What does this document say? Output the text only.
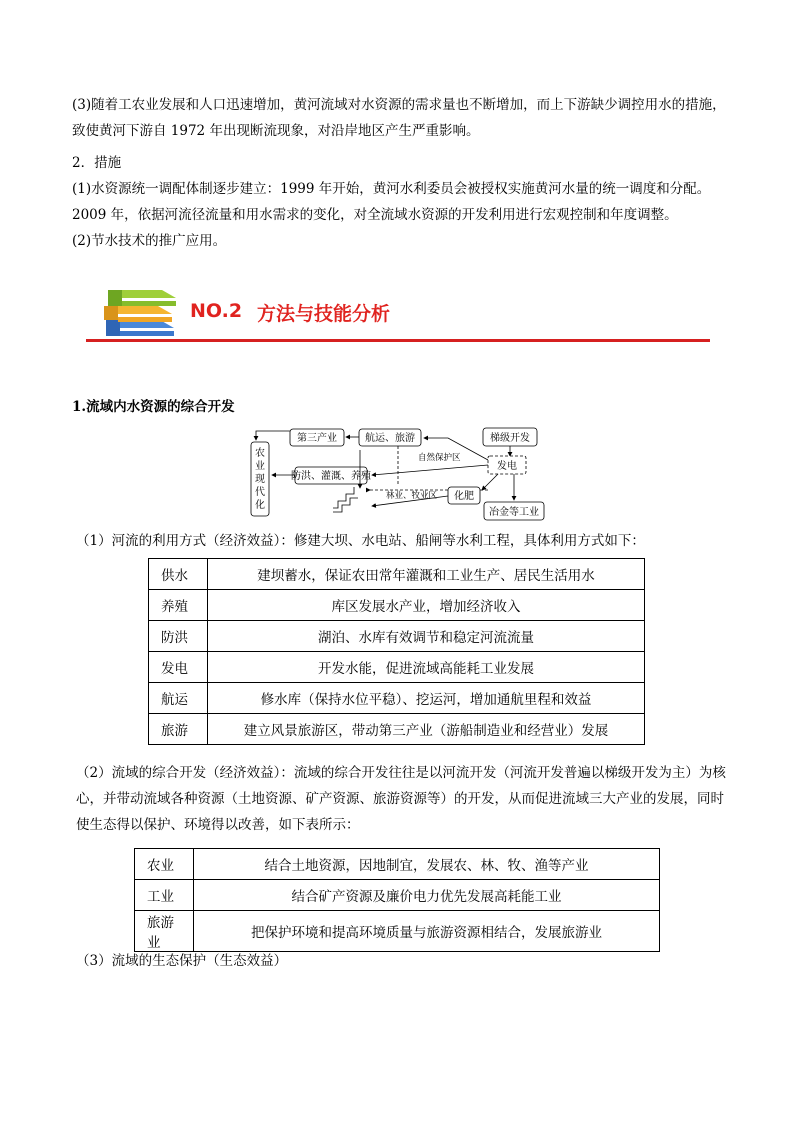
(3)随着工农业发展和人口迅速增加，黄河流域对水资源的需求量也不断增加，而上下游缺少调控用水的措施，致使黄河下游自 1972 年出现断流现象，对沿岸地区产生严重影响。
2．措施
(1)水资源统一调配体制逐步建立：1999 年开始，黄河水利委员会被授权实施黄河水量的统一调度和分配。2009 年，依据河流径流量和用水需求的变化，对全流域水资源的开发利用进行宏观控制和年度调整。
(2)节水技术的推广应用。
NO.2 方法与技能分析
1.流域内水资源的综合开发
农
业
现
代
化
第三产业	航运、旅游	梯级开发
防洪、灌溉、养殖
发电
自然保护区
林业、牧业区 化肥
冶金等工业
（1）河流的利用方式（经济效益）：修建大坝、水电站、船闸等水利工程，具体利用方式如下：
供水	建坝蓄水，保证农田常年灌溉和工业生产、居民生活用水
养殖	库区发展水产业，增加经济收入
防洪	湖泊、水库有效调节和稳定河流流量
发电	开发水能，促进流域高能耗工业发展
航运	修水库（保持水位平稳）、挖运河，增加通航里程和效益
旅游	建立风景旅游区，带动第三产业（游船制造业和经营业）发展
（2）流域的综合开发（经济效益）：流域的综合开发往往是以河流开发（河流开发普遍以梯级开发为主）为核心，并带动流域各种资源（土地资源、矿产资源、旅游资源等）的开发，从而促进流域三大产业的发展，同时使生态得以保护、环境得以改善，如下表所示：
农业	结合土地资源，因地制宜，发展农、林、牧、渔等产业
工业	结合矿产资源及廉价电力优先发展高耗能工业
旅游业	把保护环境和提高环境质量与旅游资源相结合，发展旅游业
（3）流域的生态保护（生态效益）
